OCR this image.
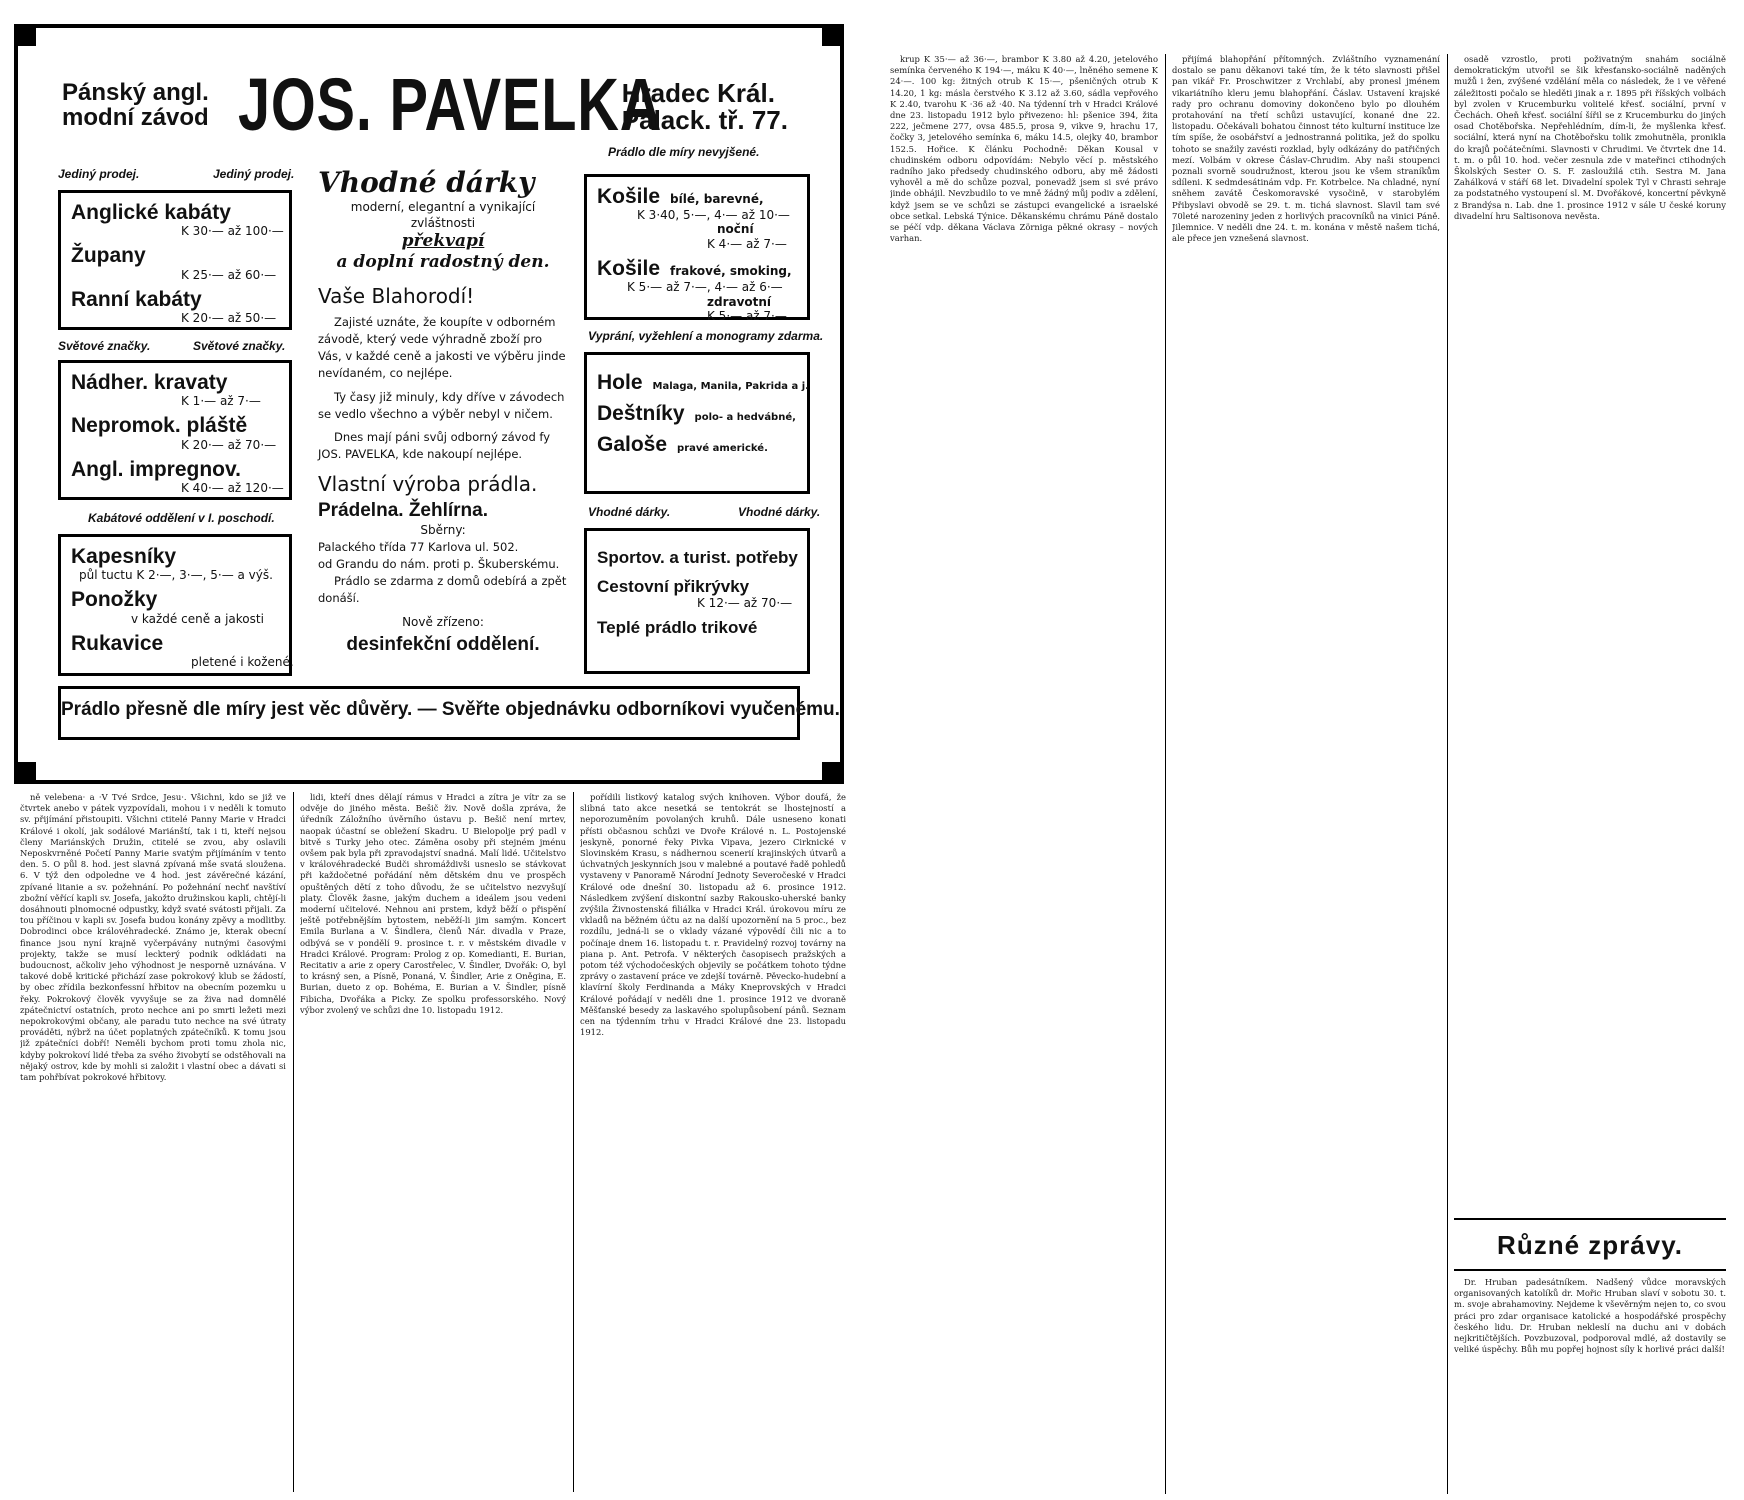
Pánský angl.
modní závod JOS. PAVELKA
Hradec Král.
Palack. tř. 77.
Jediný prodej.	Jediný prodej.
Prádlo dle míry nevyjšené.
Anglické kabáty
K 30·— až 100·—
Župany
K 25·— až 60·—
Ranní kabáty
K 20·— až 50·—
Světové značky.	Světové značky.
Nádher. kravaty
K 1·— až 7·—
Nepromok. pláště
K 20·— až 70·—
Angl. impregnov.
K 40·— až 120·—
Kabátové oddělení v I. poschodí.
Kapesníky
půl tuctu K 2·—, 3·—, 5·— a výš.
Ponožky
v každé ceně a jakosti
Rukavice
pletené i kožené.
Vhodné dárky
moderní, elegantní a vynikající zvláštnosti
překvapí
a doplní radostný den.
Vaše Blahorodí!

Zajisté uznáte, že koupíte v odborném závodě, který vede výhradně zboží pro Vás, v každé ceně a jakosti ve výběru jinde nevídaném, co nejlépe.

Ty časy již minuly, kdy dříve v závodech se vedlo všechno a výběr nebyl v ničem.

Dnes mají páni svůj odborný závod fy JOS. PAVELKA, kde nakoupí nejlépe.

Vlastní výroba prádla.
Prádelna. Žehlírna.
Sběrny:
Palackého třída 77 Karlova ul. 502.
od Grandu do nám. proti p. Škuberskému.

Prádlo se zdarma z domů odebírá a zpět donáší.

Nově zřízeno:
desinfekční oddělení.
Košile bílé, barevné,
K 3·40, 5·—, 4·— až 10·—
noční
K 4·— až 7·—
Košile frakové, smoking,
K 5·— až 7·—, 4·— až 6·—
zdravotní
K 5·— až 7·—
Vyprání, vyžehlení a monogramy zdarma.
Hole Malaga, Manila, Pakrida a j.
Deštníky polo- a hedvábné,
Galoše pravé americké.
Vhodné dárky.	Vhodné dárky.
Sportov. a turist. potřeby
Cestovní přikrývky
K 12·— až 70·—
Teplé prádlo trikové
Prádlo přesně dle míry jest věc důvěry. — Svěřte objednávku odborníkovi vyučenému.

ně velebena· a ·V Tvé Srdce, Jesu·. Všichni, kdo se již ve čtvrtek anebo v pátek vyzpovídali, mohou i v neděli k tomuto sv. přijímání přistoupiti. Všichni ctitelé Panny Marie v Hradci Králové i okolí, jak sodálové Mariánští, tak i ti, kteří nejsou členy Mariánských Družin, ctitelé se zvou, aby oslavili Neposkvrněné Početí Panny Marie svatým přijímáním v tento den. 5. O půl 8. hod. jest slavná zpívaná mše svatá sloužena. 6. V týž den odpoledne ve 4 hod. jest závěrečné kázání, zpívané litanie a sv. požehnání. Po požehnání nechť navštíví zbožní věřící kapli sv. Josefa, jakožto družinskou kapli, chtějí-li dosáhnouti plnomocné odpustky, když svaté svátosti přijali. Za tou příčinou v kapli sv. Josefa budou konány zpěvy a modlitby. Dobrodinci obce královéhradecké. Známo je, kterak obecní finance jsou nyní krajně vyčerpávány nutnými časovými projekty, takže se musí leckterý podnik odkládati na budoucnost, ačkoliv jeho výhodnost je nesporně uznávána. V takové době kritické přichází zase pokrokový klub se žádostí, by obec zřídila bezkonfessní hřbitov na obecním pozemku u řeky. Pokrokový člověk vyvyšuje se za živa nad domnělé zpátečnictví ostatních, proto nechce ani po smrti ležeti mezi nepokrokovými občany, ale paradu tuto nechce na své útraty prováděti, nýbrž na účet poplatných zpátečníků. K tomu jsou již zpátečníci dobří! Neměli bychom proti tomu zhola nic, kdyby pokrokoví lidé třeba za svého živobytí se odstěhovali na nějaký ostrov, kde by mohli si založit i vlastní obec a dávati si tam pohřbívat pokrokové hřbitovy.

lidi, kteří dnes dělají rámus v Hradci a zítra je vítr za se odvěje do jiného města. Bešič živ. Nově došla zpráva, že úředník Záložního úvěrního ústavu p. Bešič není mrtev, naopak účastní se obležení Skadru. U Bielopolje prý padl v bitvě s Turky jeho otec. Záměna osoby při stejném jménu ovšem pak byla při zpravodajství snadná. Malí lidé. Učitelstvo v královéhradecké Budči shromáždivši usneslo se stávkovat při každočetné pořádání něm dětském dnu ve prospěch opuštěných dětí z toho důvodu, že se učitelstvo nezvyšují platy. Člověk žasne, jakým duchem a ideálem jsou vedeni moderní učitelové. Nehnou ani prstem, když běží o přispění ještě potřebnějším bytostem, neběží-li jim samým. Koncert Emila Burlana a V. Šindlera, členů Nár. divadla v Praze, odbývá se v pondělí 9. prosince t. r. v městském divadle v Hradci Králové. Program: Prolog z op. Komedianti, E. Burian, Recitativ a arie z opery Carostřelec, V. Šindler, Dvořák: O, byl to krásný sen, a Písně, Ponaná, V. Šindler, Arie z Oněgina, E. Burian, dueto z op. Bohéma, E. Burian a V. Šindler, písně Fibicha, Dvořáka a Picky. Ze spolku professorského. Nový výbor zvolený ve schůzi dne 10. listopadu 1912.

pořídili listkový katalog svých knihoven. Výbor doufá, že slibná tato akce nesetká se tentokrát se lhostejností a neporozuměním povolaných kruhů. Dále usneseno konati přísti občasnou schůzi ve Dvoře Králové n. L. Postojenské jeskyně, ponorné řeky Pivka Vipava, jezero Cirknické v Slovinském Krasu, s nádhernou scenerií krajinských útvarů a úchvatných jeskynních jsou v malebné a poutavé řadě pohledů vystaveny v Panoramě Národní Jednoty Severočeské v Hradci Králové ode dnešní 30. listopadu až 6. prosince 1912. Následkem zvýšení diskontní sazby Rakousko-uherské banky zvýšila Živnostenská filiálka v Hradci Král. úrokovou míru ze vkladů na běžném účtu az na další upozornění na 5 proc., bez rozdílu, jedná-li se o vklady vázané výpovědí čili nic a to počínaje dnem 16. listopadu t. r. Pravidelný rozvoj továrny na piana p. Ant. Petrofa. V některých časopisech pražských a potom též východočeských objevily se počátkem tohoto týdne zprávy o zastavení práce ve zdejší továrně. Pěvecko-hudební a klavírní školy Ferdinanda a Máky Kneprovských v Hradci Králové pořádají v neděli dne 1. prosince 1912 ve dvoraně Měšťanské besedy za laskavého spolupůsobení pánů. Seznam cen na týdenním trhu v Hradci Králové dne 23. listopadu 1912.

krup K 35·— až 36·—, brambor K 3.80 až 4.20, jetelového semínka červeného K 194·—, máku K 40·—, lněného semene K 24·—. 100 kg: žitných otrub K 15·—, pšeničných otrub K 14.20, 1 kg: másla čerstvého K 3.12 až 3.60, sádla vepřového K 2.40, tvarohu K ·36 až ·40. Na týdenní trh v Hradci Králové dne 23. listopadu 1912 bylo přivezeno: hl: pšenice 394, žita 222, ječmene 277, ovsa 485.5, prosa 9, vikve 9, hrachu 17, čočky 3, jetelového semínka 6, máku 14.5, olejky 40, brambor 152.5. Hořice. K článku Pochodně: Děkan Kousal v chudinském odboru odpovídám: Nebylo věcí p. městského radního jako předsedy chudinského odboru, aby mě žádosti vyhověl a mě do schůze pozval, ponevadž jsem si své právo jinde obhájil. Nevzbudilo to ve mně žádný můj podiv a zdělení, když jsem se ve schůzi se zástupci evangelické a israelské obce setkal. Lebská Týnice. Děkanskému chrámu Páně dostalo se péčí vdp. děkana Václava Zörniga pěkné okrasy – nových varhan.

přijímá blahopřání přítomných. Zvláštního vyznamenání dostalo se panu děkanovi také tím, že k této slavnosti přišel pan vikář Fr. Proschwitzer z Vrchlabí, aby pronesl jménem vikariátního kleru jemu blahopřání. Čáslav. Ustavení krajské rady pro ochranu domoviny dokončeno bylo po dlouhém protahování na třetí schůzi ustavující, konané dne 22. listopadu. Očekávali bohatou činnost této kulturní instituce lze tím spíše, že osobářství a jednostranná politika, jež do spolku tohoto se snažily zavésti rozklad, byly odkázány do patřičných mezí. Volbám v okrese Čáslav-Chrudim. Aby naši stoupenci poznali svorně soudružnost, kterou jsou ke všem straníkům sdíleni. K sedmdesátinám vdp. Fr. Kotrbelce. Na chladné, nyní sněhem zavátě Českomoravské vysočině, v starobylém Přibyslavi obvodě se 29. t. m. tichá slavnost. Slavil tam své 70leté narozeniny jeden z horlivých pracovníků na vinici Páně. Jilemnice. V neděli dne 24. t. m. konána v městě našem tichá, ale přece jen vznešená slavnost.

osadě vzrostlo, proti poživatným snahám sociálně demokratickým utvořil se šik křesťansko-sociálně naděných mužů i žen, zvýšené vzdělání měla co následek, že i ve věřené záležitosti počalo se hleděti jinak a r. 1895 při říšských volbách byl zvolen v Krucemburku volitelé křesť. sociální, první v Čechách. Oheň křesť. sociální šířil se z Krucemburku do jiných osad Chotěbořska. Nepřehlédním, dím-li, že myšlenka křesť. sociální, která nyní na Chotěbořsku tolik zmohutněla, pronikla do krajů počátečními. Slavnosti v Chrudimi. Ve čtvrtek dne 14. t. m. o půl 10. hod. večer zesnula zde v mateřinci ctihodných Školských Sester O. S. F. zasloužilá ctih. Sestra M. Jana Zahálková v stáří 68 let. Divadelní spolek Tyl v Chrasti sehraje za podstatného vystoupení sl. M. Dvořákové, koncertní pěvkyně z Brandýsa n. Lab. dne 1. prosince 1912 v sále U české koruny divadelní hru Saltisonova nevěsta.

Různé zprávy.

Dr. Hruban padesátníkem. Nadšený vůdce moravských organisovaných katolíků dr. Mořic Hruban slaví v sobotu 30. t. m. svoje abrahamoviny. Nejdeme k vševěrným nejen to, co svou práci pro zdar organisace katolické a hospodářské prospěchy českého lidu. Dr. Hruban nekleslí na duchu ani v dobách nejkritičtějších. Povzbuzoval, podporoval mdlé, až dostavily se veliké úspěchy. Bůh mu popřej hojnost síly k horlivé práci další!
